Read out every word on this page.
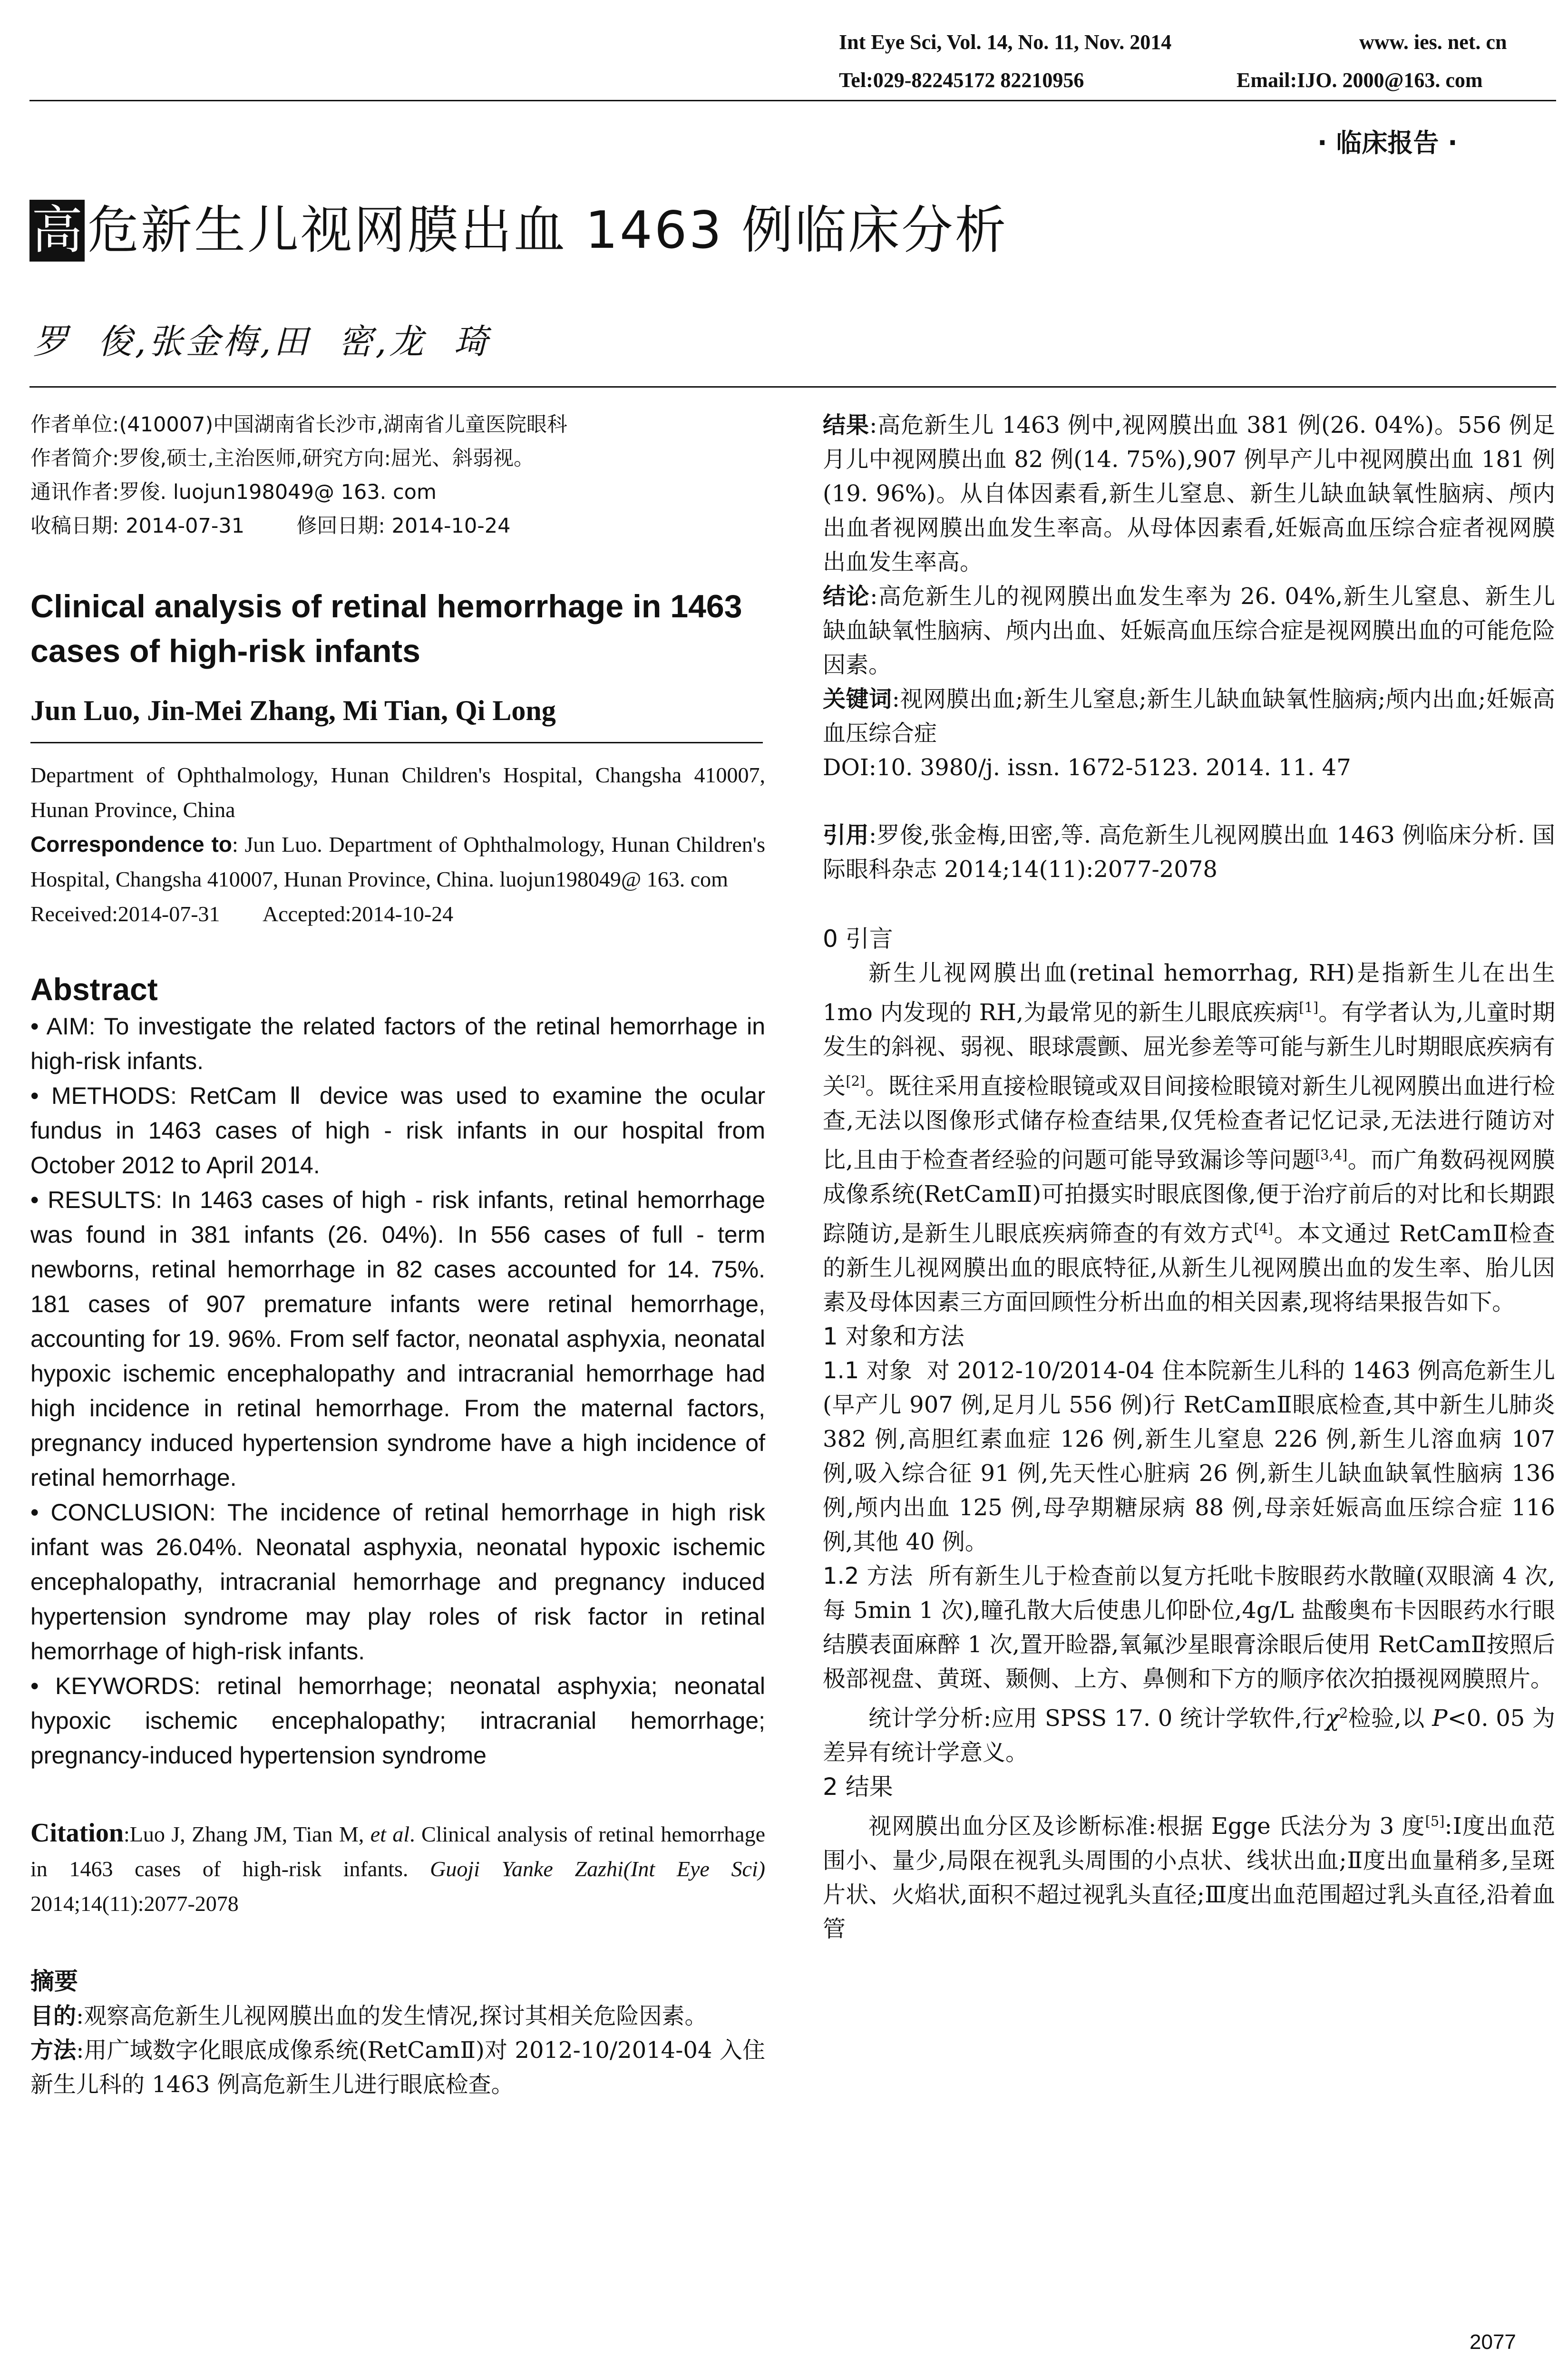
Int Eye Sci, Vol. 14, No. 11, Nov. 2014	www. ies. net. cn
Tel:029-82245172 82210956	Email:IJO. 2000@163. com
· 临床报告 ·
高 危新生儿视网膜出血 1463 例临床分析
罗  俊,张金梅,田  密,龙  琦

作者单位:(410007)中国湖南省长沙市,湖南省儿童医院眼科

作者简介:罗俊,硕士,主治医师,研究方向:屈光、斜弱视。

通讯作者:罗俊. luojun198049@ 163. com

收稿日期: 2014-07-31        修回日期: 2014-10-24

Clinical analysis of retinal hemorrhage in 1463 cases of high-risk infants
Jun Luo, Jin-Mei Zhang, Mi Tian, Qi Long

Department of Ophthalmology, Hunan Children's Hospital, Changsha 410007, Hunan Province, China

Correspondence to: Jun Luo. Department of Ophthalmology, Hunan Children's Hospital, Changsha 410007, Hunan Province, China. luojun198049@ 163. com

Received:2014-07-31        Accepted:2014-10-24

Abstract

• AIM: To investigate the related factors of the retinal hemorrhage in high-risk infants.

• METHODS: RetCam Ⅱ device was used to examine the ocular fundus in 1463 cases of high - risk infants in our hospital from October 2012 to April 2014.

• RESULTS: In 1463 cases of high - risk infants, retinal hemorrhage was found in 381 infants (26. 04%). In 556 cases of full - term newborns, retinal hemorrhage in 82 cases accounted for 14. 75%. 181 cases of 907 premature infants were retinal hemorrhage, accounting for 19. 96%. From self factor, neonatal asphyxia, neonatal hypoxic ischemic encephalopathy and intracranial hemorrhage had high incidence in retinal hemorrhage. From the maternal factors, pregnancy induced hypertension syndrome have a high incidence of retinal hemorrhage.

• CONCLUSION: The incidence of retinal hemorrhage in high risk infant was 26.04%. Neonatal asphyxia, neonatal hypoxic ischemic encephalopathy, intracranial hemorrhage and pregnancy induced hypertension syndrome may play roles of risk factor in retinal hemorrhage of high-risk infants.

• KEYWORDS: retinal hemorrhage; neonatal asphyxia; neonatal hypoxic ischemic encephalopathy; intracranial hemorrhage; pregnancy-induced hypertension syndrome

Citation:Luo J, Zhang JM, Tian M, et al. Clinical analysis of retinal hemorrhage in 1463 cases of high-risk infants. Guoji Yanke Zazhi(Int Eye Sci) 2014;14(11):2077-2078

摘要

目的:观察高危新生儿视网膜出血的发生情况,探讨其相关危险因素。

方法:用广域数字化眼底成像系统(RetCamⅡ)对 2012-10/2014-04 入住新生儿科的 1463 例高危新生儿进行眼底检查。

结果:高危新生儿 1463 例中,视网膜出血 381 例(26. 04%)。556 例足月儿中视网膜出血 82 例(14. 75%),907 例早产儿中视网膜出血 181 例(19. 96%)。从自体因素看,新生儿窒息、新生儿缺血缺氧性脑病、颅内出血者视网膜出血发生率高。从母体因素看,妊娠高血压综合症者视网膜出血发生率高。

结论:高危新生儿的视网膜出血发生率为 26. 04%,新生儿窒息、新生儿缺血缺氧性脑病、颅内出血、妊娠高血压综合症是视网膜出血的可能危险因素。

关键词:视网膜出血;新生儿窒息;新生儿缺血缺氧性脑病;颅内出血;妊娠高血压综合症

DOI:10. 3980/j. issn. 1672-5123. 2014. 11. 47

引用:罗俊,张金梅,田密,等. 高危新生儿视网膜出血 1463 例临床分析. 国际眼科杂志 2014;14(11):2077-2078

0 引言

新生儿视网膜出血(retinal hemorrhag, RH)是指新生儿在出生 1mo 内发现的 RH,为最常见的新生儿眼底疾病[1]。有学者认为,儿童时期发生的斜视、弱视、眼球震颤、屈光参差等可能与新生儿时期眼底疾病有关[2]。既往采用直接检眼镜或双目间接检眼镜对新生儿视网膜出血进行检查,无法以图像形式储存检查结果,仅凭检查者记忆记录,无法进行随访对比,且由于检查者经验的问题可能导致漏诊等问题[3,4]。而广角数码视网膜成像系统(RetCamⅡ)可拍摄实时眼底图像,便于治疗前后的对比和长期跟踪随访,是新生儿眼底疾病筛查的有效方式[4]。本文通过 RetCamⅡ检查的新生儿视网膜出血的眼底特征,从新生儿视网膜出血的发生率、胎儿因素及母体因素三方面回顾性分析出血的相关因素,现将结果报告如下。

1 对象和方法

1.1 对象  对 2012-10/2014-04 住本院新生儿科的 1463 例高危新生儿(早产儿 907 例,足月儿 556 例)行 RetCamⅡ眼底检查,其中新生儿肺炎 382 例,高胆红素血症 126 例,新生儿窒息 226 例,新生儿溶血病 107 例,吸入综合征 91 例,先天性心脏病 26 例,新生儿缺血缺氧性脑病 136 例,颅内出血 125 例,母孕期糖尿病 88 例,母亲妊娠高血压综合症 116 例,其他 40 例。

1.2 方法  所有新生儿于检查前以复方托吡卡胺眼药水散瞳(双眼滴 4 次,每 5min 1 次),瞳孔散大后使患儿仰卧位,4g/L 盐酸奥布卡因眼药水行眼结膜表面麻醉 1 次,置开睑器,氧氟沙星眼膏涂眼后使用 RetCamⅡ按照后极部视盘、黄斑、颞侧、上方、鼻侧和下方的顺序依次拍摄视网膜照片。

统计学分析:应用 SPSS 17. 0 统计学软件,行$\chi^2$检验,以 P<0. 05 为差异有统计学意义。

2 结果

视网膜出血分区及诊断标准:根据 Egge 氏法分为 3 度[5]:Ⅰ度出血范围小、量少,局限在视乳头周围的小点状、线状出血;Ⅱ度出血量稍多,呈斑片状、火焰状,面积不超过视乳头直径;Ⅲ度出血范围超过乳头直径,沿着血管

2077
